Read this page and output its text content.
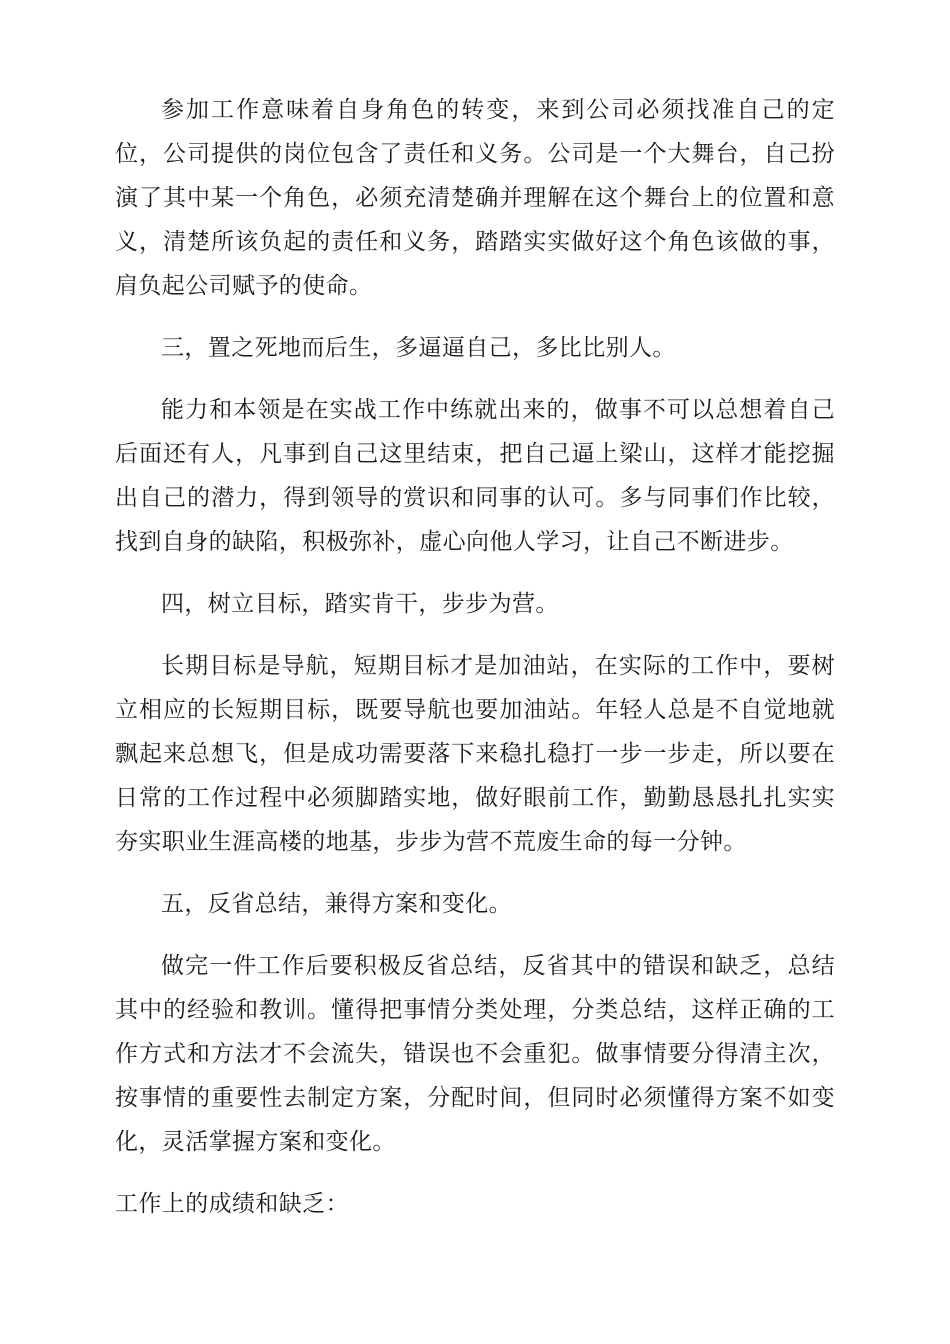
参加工作意味着自身角色的转变，来到公司必须找准自己的定位，公司提供的岗位包含了责任和义务。公司是一个大舞台，自己扮演了其中某一个角色，必须充清楚确并理解在这个舞台上的位置和意义，清楚所该负起的责任和义务，踏踏实实做好这个角色该做的事，肩负起公司赋予的使命。

三，置之死地而后生，多逼逼自己，多比比别人。

能力和本领是在实战工作中练就出来的，做事不可以总想着自己后面还有人，凡事到自己这里结束，把自己逼上梁山，这样才能挖掘出自己的潜力，得到领导的赏识和同事的认可。多与同事们作比较，找到自身的缺陷，积极弥补，虚心向他人学习，让自己不断进步。

四，树立目标，踏实肯干，步步为营。

长期目标是导航，短期目标才是加油站，在实际的工作中，要树立相应的长短期目标，既要导航也要加油站。年轻人总是不自觉地就飘起来总想飞，但是成功需要落下来稳扎稳打一步一步走，所以要在日常的工作过程中必须脚踏实地，做好眼前工作，勤勤恳恳扎扎实实夯实职业生涯高楼的地基，步步为营不荒废生命的每一分钟。

五，反省总结，兼得方案和变化。

做完一件工作后要积极反省总结，反省其中的错误和缺乏，总结其中的经验和教训。懂得把事情分类处理，分类总结，这样正确的工作方式和方法才不会流失，错误也不会重犯。做事情要分得清主次，按事情的重要性去制定方案，分配时间，但同时必须懂得方案不如变化，灵活掌握方案和变化。

工作上的成绩和缺乏：
